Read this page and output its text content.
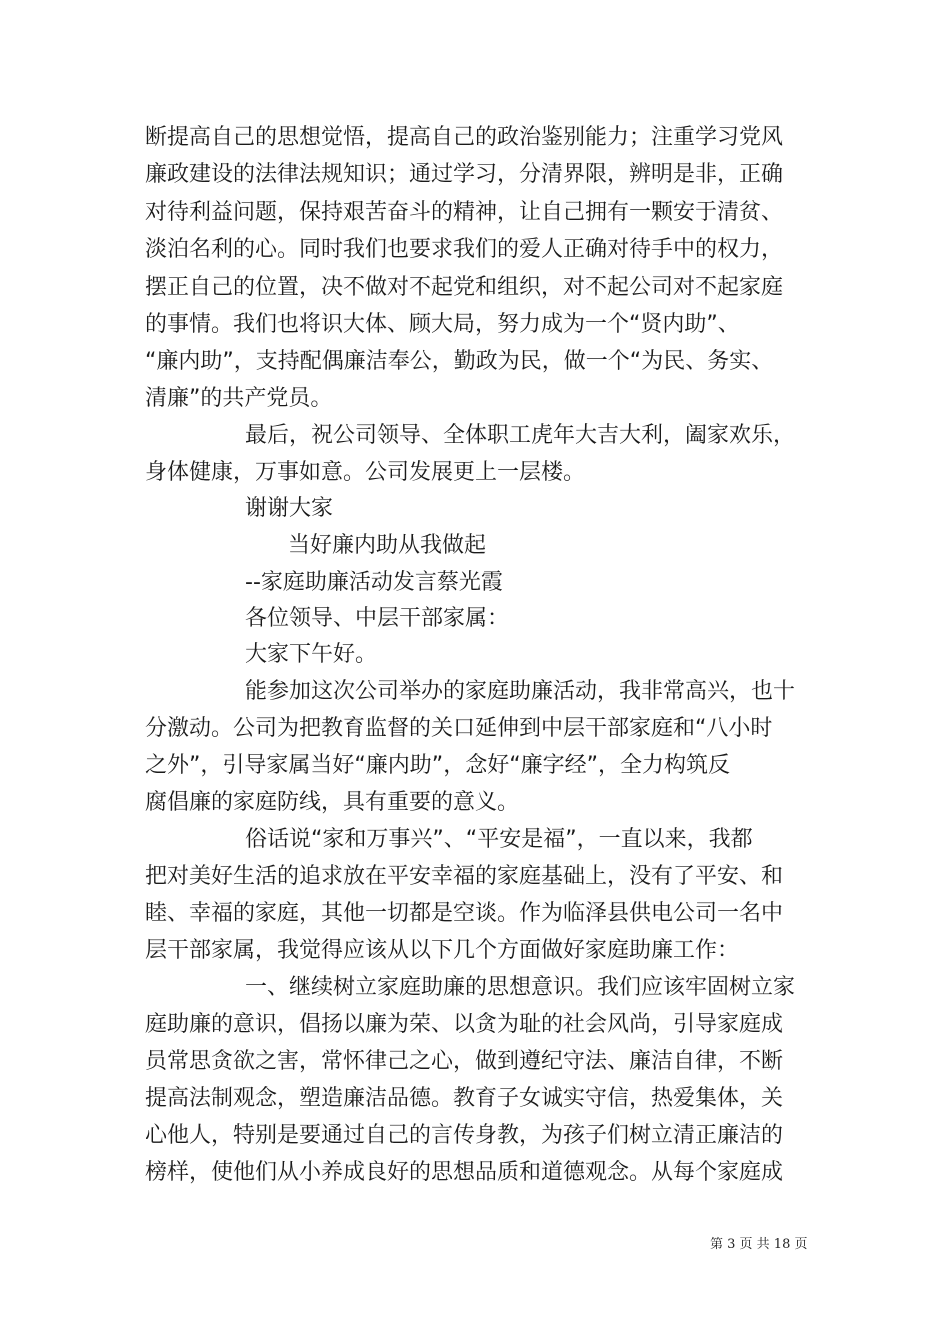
断提高自己的思想觉悟，提高自己的政治鉴别能力；注重学习党风
廉政建设的法律法规知识；通过学习，分清界限，辨明是非，正确
对待利益问题，保持艰苦奋斗的精神，让自己拥有一颗安于清贫、
淡泊名利的心。同时我们也要求我们的爱人正确对待手中的权力，
摆正自己的位置，决不做对不起党和组织，对不起公司对不起家庭
的事情。我们也将识大体、顾大局，努力成为一个“贤内助”、
“廉内助”，支持配偶廉洁奉公，勤政为民，做一个“为民、务实、
清廉”的共产党员。
最后，祝公司领导、全体职工虎年大吉大利，阖家欢乐，
身体健康，万事如意。公司发展更上一层楼。
谢谢大家
当好廉内助从我做起
--家庭助廉活动发言蔡光霞
各位领导、中层干部家属：
大家下午好。
能参加这次公司举办的家庭助廉活动，我非常高兴，也十
分激动。公司为把教育监督的关口延伸到中层干部家庭和“八小时
之外”，引导家属当好“廉内助”，念好“廉字经”，全力构筑反
腐倡廉的家庭防线，具有重要的意义。
俗话说“家和万事兴”、“平安是福”，一直以来，我都
把对美好生活的追求放在平安幸福的家庭基础上，没有了平安、和
睦、幸福的家庭，其他一切都是空谈。作为临泽县供电公司一名中
层干部家属，我觉得应该从以下几个方面做好家庭助廉工作：
一、继续树立家庭助廉的思想意识。我们应该牢固树立家
庭助廉的意识，倡扬以廉为荣、以贪为耻的社会风尚，引导家庭成
员常思贪欲之害，常怀律己之心，做到遵纪守法、廉洁自律，不断
提高法制观念，塑造廉洁品德。教育子女诚实守信，热爱集体，关
心他人，特别是要通过自己的言传身教，为孩子们树立清正廉洁的
榜样，使他们从小养成良好的思想品质和道德观念。从每个家庭成
第 3 页 共 18 页
